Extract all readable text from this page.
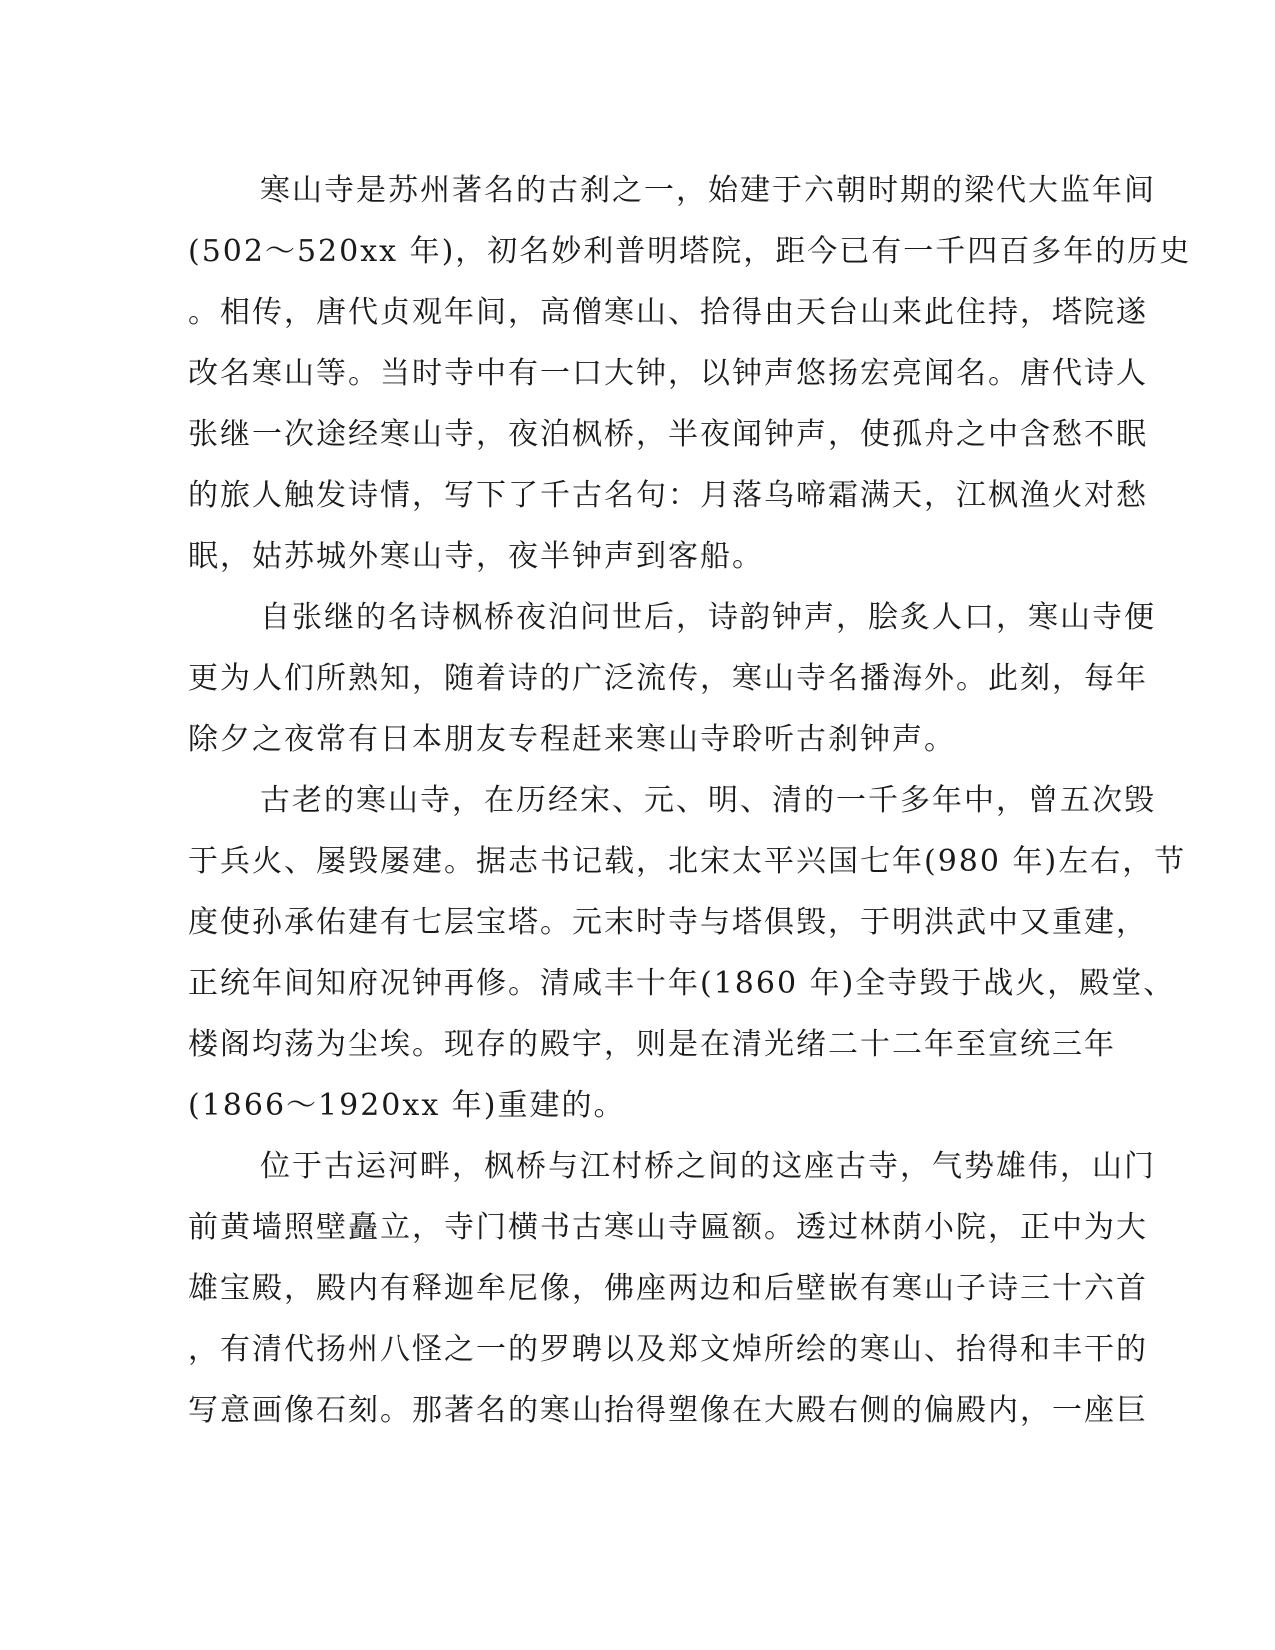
寒山寺是苏州著名的古刹之一，始建于六朝时期的梁代大监年间
(502～520xx 年)，初名妙利普明塔院，距今已有一千四百多年的历史
。相传，唐代贞观年间，高僧寒山、拾得由天台山来此住持，塔院遂
改名寒山等。当时寺中有一口大钟，以钟声悠扬宏亮闻名。唐代诗人
张继一次途经寒山寺，夜泊枫桥，半夜闻钟声，使孤舟之中含愁不眠
的旅人触发诗情，写下了千古名句：月落乌啼霜满天，江枫渔火对愁
眠，姑苏城外寒山寺，夜半钟声到客船。
自张继的名诗枫桥夜泊问世后，诗韵钟声，脍炙人口，寒山寺便
更为人们所熟知，随着诗的广泛流传，寒山寺名播海外。此刻，每年
除夕之夜常有日本朋友专程赶来寒山寺聆听古刹钟声。
古老的寒山寺，在历经宋、元、明、清的一千多年中，曾五次毁
于兵火、屡毁屡建。据志书记载，北宋太平兴国七年(980 年)左右，节
度使孙承佑建有七层宝塔。元末时寺与塔俱毁，于明洪武中又重建，
正统年间知府况钟再修。清咸丰十年(1860 年)全寺毁于战火，殿堂、
楼阁均荡为尘埃。现存的殿宇，则是在清光绪二十二年至宣统三年
(1866～1920xx 年)重建的。
位于古运河畔，枫桥与江村桥之间的这座古寺，气势雄伟，山门
前黄墙照壁矗立，寺门横书古寒山寺匾额。透过林荫小院，正中为大
雄宝殿，殿内有释迦牟尼像，佛座两边和后壁嵌有寒山子诗三十六首
，有清代扬州八怪之一的罗聘以及郑文焯所绘的寒山、抬得和丰干的
写意画像石刻。那著名的寒山抬得塑像在大殿右侧的偏殿内，一座巨
